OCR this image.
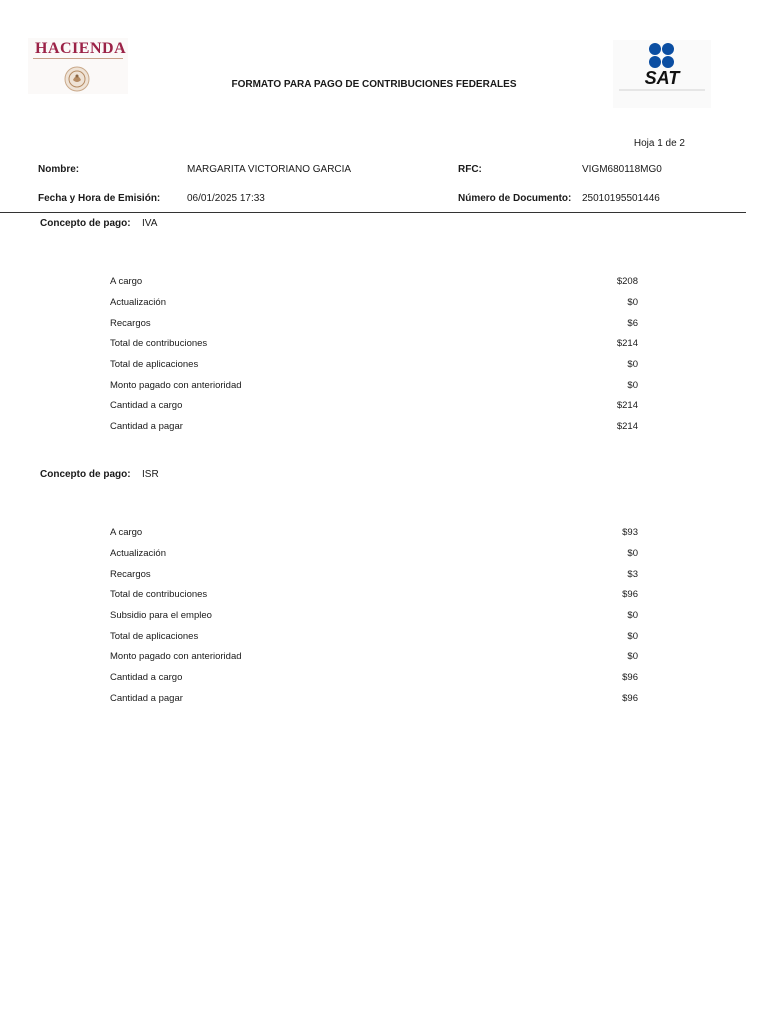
HACIENDA
FORMATO PARA PAGO DE CONTRIBUCIONES FEDERALES	SAT
Hoja 1 de 2
Nombre:	MARGARITA VICTORIANO GARCIA	RFC:	VIGM680118MG0
Fecha y Hora de Emisión:	06/01/2025 17:33	Número de Documento: 25010195501446
Concepto de pago: IVA
A cargo	$208
Actualización	$0
Recargos	$6
Total de contribuciones	$214
Total de aplicaciones	$0
Monto pagado con anterioridad	$0
Cantidad a cargo	$214
Cantidad a pagar	$214
Concepto de pago: ISR
A cargo	$93
Actualización	$0
Recargos	$3
Total de contribuciones	$96
Subsidio para el empleo	$0
Total de aplicaciones	$0
Monto pagado con anterioridad	$0
Cantidad a cargo	$96
Cantidad a pagar	$96
